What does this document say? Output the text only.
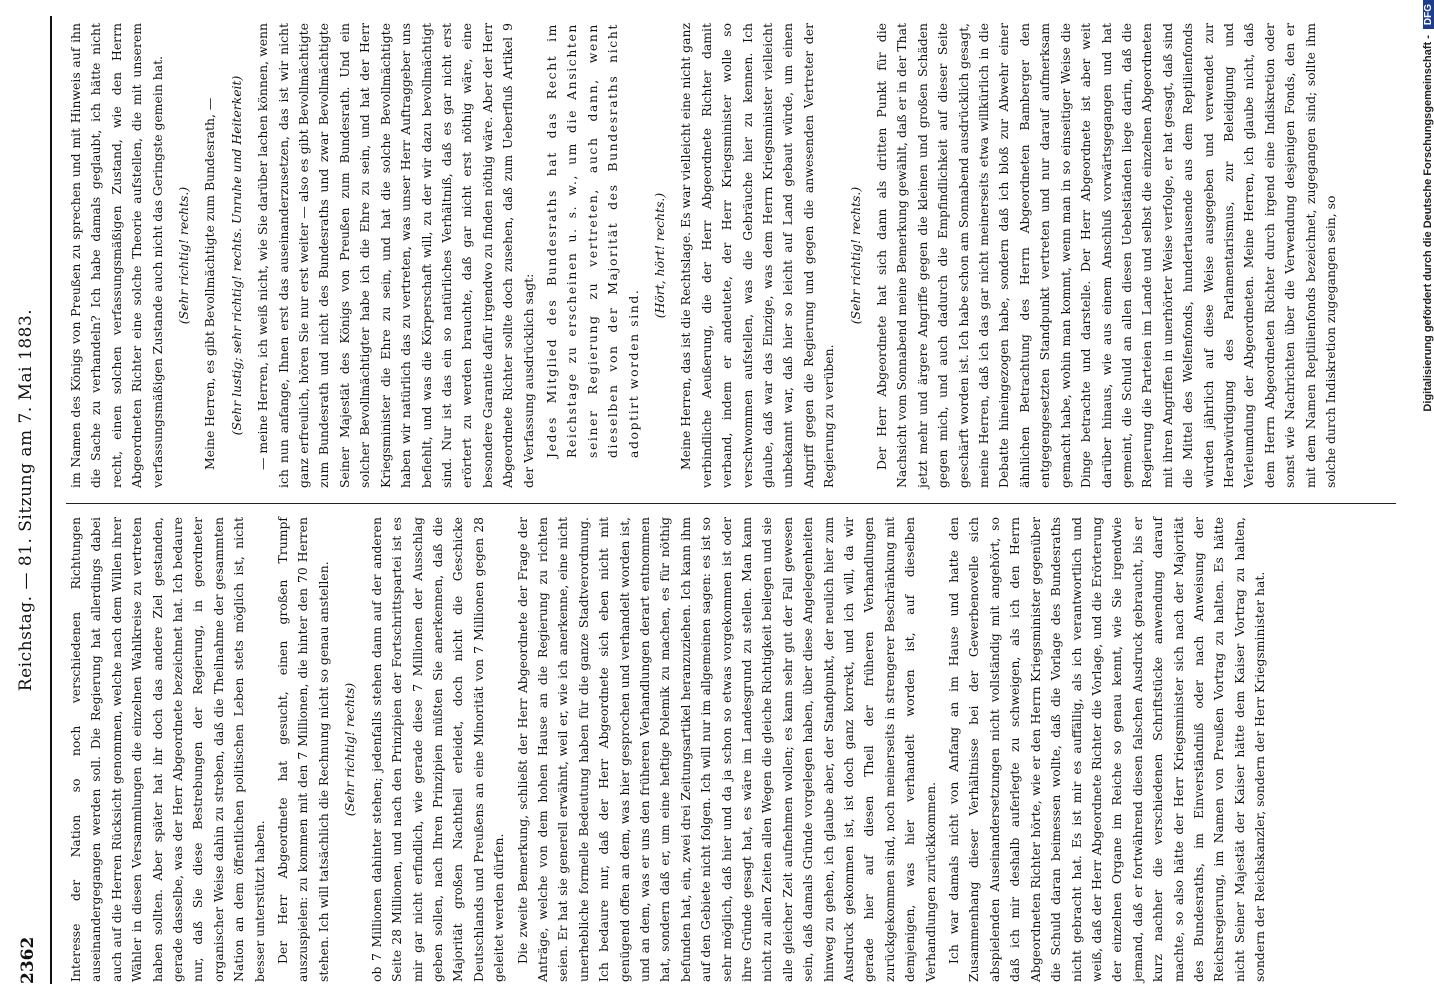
2362
Reichstag. — 81. Sitzung am 7. Mai 1883.

Interesse der Nation so noch verschiedenen Richtungen auseinandergegangen werden soll. Die Regierung hat allerdings dabei auch auf die Herren Rücksicht genommen, welche nach dem Willen ihrer Wähler in diesen Versammlungen die einzelnen Wahlkreise zu vertreten haben sollten. Aber später hat ihr doch das andere Ziel gestanden, gerade dasselbe, was der Herr Abgeordnete bezeichnet hat. Ich bedaure nur, daß Sie diese Bestrebungen der Regierung, in geordneter organischer Weise dahin zu streben, daß die Theilnahme der gesammten Nation an dem öffentlichen politischen Leben stets möglich ist, nicht besser unterstützt haben. Der Herr Abgeordnete hat gesucht, einen großen Trumpf auszuspielen: zu kommen mit den 7 Millionen, die hinter den 70 Herren stehen. Ich will tatsächlich die Rechnung nicht so genau anstellen. (Sehr richtig! rechts) ob 7 Millionen dahinter stehen; jedenfalls stehen dann auf der anderen Seite 28 Millionen, und nach den Prinzipien der Fortschrittspartei ist es mir gar nicht erfindlich, wie gerade diese 7 Millionen der Ausschlag geben sollen, nach Ihren Prinzipien müßten Sie anerkennen, daß die Majorität großen Nachtheil erleidet, doch nicht die Geschicke Deutschlands und Preußens an eine Minorität von 7 Millionen gegen 28 geleitet werden dürfen. Die zweite Bemerkung, schließt der Herr Abgeordnete der Frage der Anträge, welche von dem hohen Hause an die Regierung zu richten seien. Er hat sie generell erwähnt, weil er, wie ich anerkenne, eine nicht unerhebliche formelle Bedeutung haben für die ganze Stadtverordnung. Ich bedaure nur, daß der Herr Abgeordnete sich eben nicht mit genügend offen an dem, was hier gesprochen und verhandelt worden ist, und an dem, was er uns den früheren Verhandlungen derart entnommen hat, sondern daß er, um eine heftige Polemik zu machen, es für nöthig befunden hat, ein, zwei drei Zeitungsartikel heranzuziehen. Ich kann ihm auf den Gebiete nicht folgen. Ich will nur im allgemeinen sagen: es ist so sehr möglich, daß hier und da ja schon so etwas vorgekommen ist oder ihre Gründe gesagt hat, es wäre im Landesgrund zu stellen. Man kann nicht zu allen Zeiten allen Wegen die gleiche Richtigkeit beilegen und sie alle gleicher Zeit aufnehmen wollen; es kann sehr gut der Fall gewesen sein, daß damals Gründe vorgelegen haben, über diese Angelegenheiten hinweg zu gehen, ich glaube aber, der Standpunkt, der neulich hier zum Ausdruck gekommen ist, ist doch ganz korrekt, und ich will, da wir gerade hier auf diesen Theil der früheren Verhandlungen zurückgekommen sind, noch meinerseits in strengerer Beschränkung mit demjenigen, was hier verhandelt worden ist, auf dieselben Verhandlungen zurückkommen. Ich war damals nicht von Anfang an im Hause und hatte den Zusammenhang dieser Verhältnisse bei der Gewerbenovelle sich abspielenden Auseinandersetzungen nicht vollständig mit angehört, so daß ich mir deshalb auferlegte zu schweigen, als ich den Herrn Abgeordneten Richter hörte, wie er den Herrn Kriegsminister gegenüber die Schuld daran beimessen wollte, daß die Vorlage des Bundesraths nicht gebracht hat. Es ist mir es auffällig, als ich verantwortlich und weiß, daß der Herr Abgeordnete Richter die Vorlage, und die Erörterung der einzelnen Organe im Reiche so genau kennt, wie Sie irgendwie jemand, daß er fortwährend diesen falschen Ausdruck gebraucht, bis er kurz nachher die verschiedenen Schriftstücke anwendung darauf machte, so also hätte der Herr Kriegsminister sich nach der Majorität des Bundesraths, im Einverständniß oder nach Anweisung der Reichsregierung, im Namen von Preußen Vortrag zu halten. Es hätte nicht Seiner Majestät der Kaiser hätte dem Kaiser Vortrag zu halten, sondern der Reichskanzler, sondern der Herr Kriegsminister hat.

im Namen des Königs von Preußen zu sprechen und mit Hinweis auf ihn die Sache zu verhandeln? Ich habe damals geglaubt, ich hätte nicht recht, einen solchen verfassungsmäßigen Zustand, wie den Herrn Abgeordneten Richter eine solche Theorie aufstellen, die mit unserem verfassungsmäßigen Zustande auch nicht das Geringste gemein hat. (Sehr richtig! rechts.) Meine Herren, es gibt Bevollmächtigte zum Bundesrath, — (Sehr lustig; sehr richtig! rechts. Unruhe und Heiterkeit) — meine Herren, ich weiß nicht, wie Sie darüber lachen können, wenn ich nun anfange, Ihnen erst das auseinanderzusetzen, das ist wir nicht ganz erfreulich, hören Sie nur erst weiter — also es gibt Bevollmächtigte zum Bundesrath und nicht des Bundesraths und zwar Bevollmächtigte Seiner Majestät des Königs von Preußen zum Bundesrath. Und ein solcher Bevollmächtigter habe ich die Ehre zu sein, und hat der Herr Kriegsminister die Ehre zu sein, und hat die solche Bevollmächtigte haben wir natürlich das zu vertreten, was unser Herr Auftraggeber uns befiehlt, und was die Körperschaft will, zu der wir dazu bevollmächtigt sind. Nur ist das ein so natürliches Verhältniß, daß es gar nicht erst erörtert zu werden brauchte, daß gar nicht erst nöthig wäre, eine besondere Garantie dafür irgendwo zu finden nöthig wäre. Aber der Herr Abgeordnete Richter sollte doch zusehen, daß zum Ueberfluß Artikel 9 der Verfassung ausdrücklich sagt: Jedes Mitglied des Bundesraths hat das Recht im Reichstage zu erscheinen u. s. w., um die Ansichten seiner Regierung zu vertreten, auch dann, wenn dieselben von der Majorität des Bundesraths nicht adoptirt worden sind.

(Hört, hört! rechts.) Meine Herren, das ist die Rechtslage. Es war vielleicht eine nicht ganz verbindliche Aeußerung, die der Herr Abgeordnete Richter damit verband, indem er andeutete, der Herr Kriegsminister wolle so verschwommen aufstellen, was die Gebräuche hier zu kennen. Ich glaube, daß war das Einzige, was dem Herrn Kriegsminister vielleicht unbekannt war, daß hier so leicht auf Land gebaut würde, um einen Angriff gegen die Regierung und gegen die anwesenden Vertreter der Regierung zu verüben.

(Sehr richtig! rechts.) Der Herr Abgeordnete hat sich dann als dritten Punkt für die Nachsicht vom Sonnabend meine Bemerkung gewählt, daß er in der That jetzt mehr und ärgere Angriffe gegen die kleinen und großen Schäden gegen mich, und auch dadurch die Empfindlichkeit auf dieser Seite geschärft worden ist. Ich habe schon am Sonnabend ausdrücklich gesagt, meine Herren, daß ich das gar nicht meinerseits etwa willkürlich in die Debatte hineingezogen habe, sondern daß ich bloß zur Abwehr einer ähnlichen Betrachtung des Herrn Abgeordneten Bamberger den entgegengesetzten Standpunkt vertreten und nur darauf aufmerksam gemacht habe, wohin man kommt, wenn man in so einseitiger Weise die Dinge betrachte und darstelle. Der Herr Abgeordnete ist aber weit darüber hinaus, wie aus einem Anschluß vorwärtsgegangen und hat gemeint, die Schuld an allen diesen Uebelständen liege darin, daß die Regierung die Parteien im Lande und selbst die einzelnen Abgeordneten mit ihren Angriffen in unerhörter Weise verfolge, er hat gesagt, daß sind die Mittel des Welfenfonds, hundertausende aus dem Reptilienfonds würden jährlich auf diese Weise ausgegeben und verwendet zur Herabwürdigung des Parlamentarismus, zur Beleidigung und Verleumdung der Abgeordneten. Meine Herren, ich glaube nicht, daß dem Herrn Abgeordneten Richter durch irgend eine Indiskretion oder sonst wie Nachrichten über die Verwendung desjenigen Fonds, den er mit dem Namen Reptilienfonds bezeichnet, zugegangen sind; sollte ihm solche durch Indiskretion zugegangen sein, so	Digitalisierung gefördert durch die Deutsche Forschungsgemeinschaft -DFG
